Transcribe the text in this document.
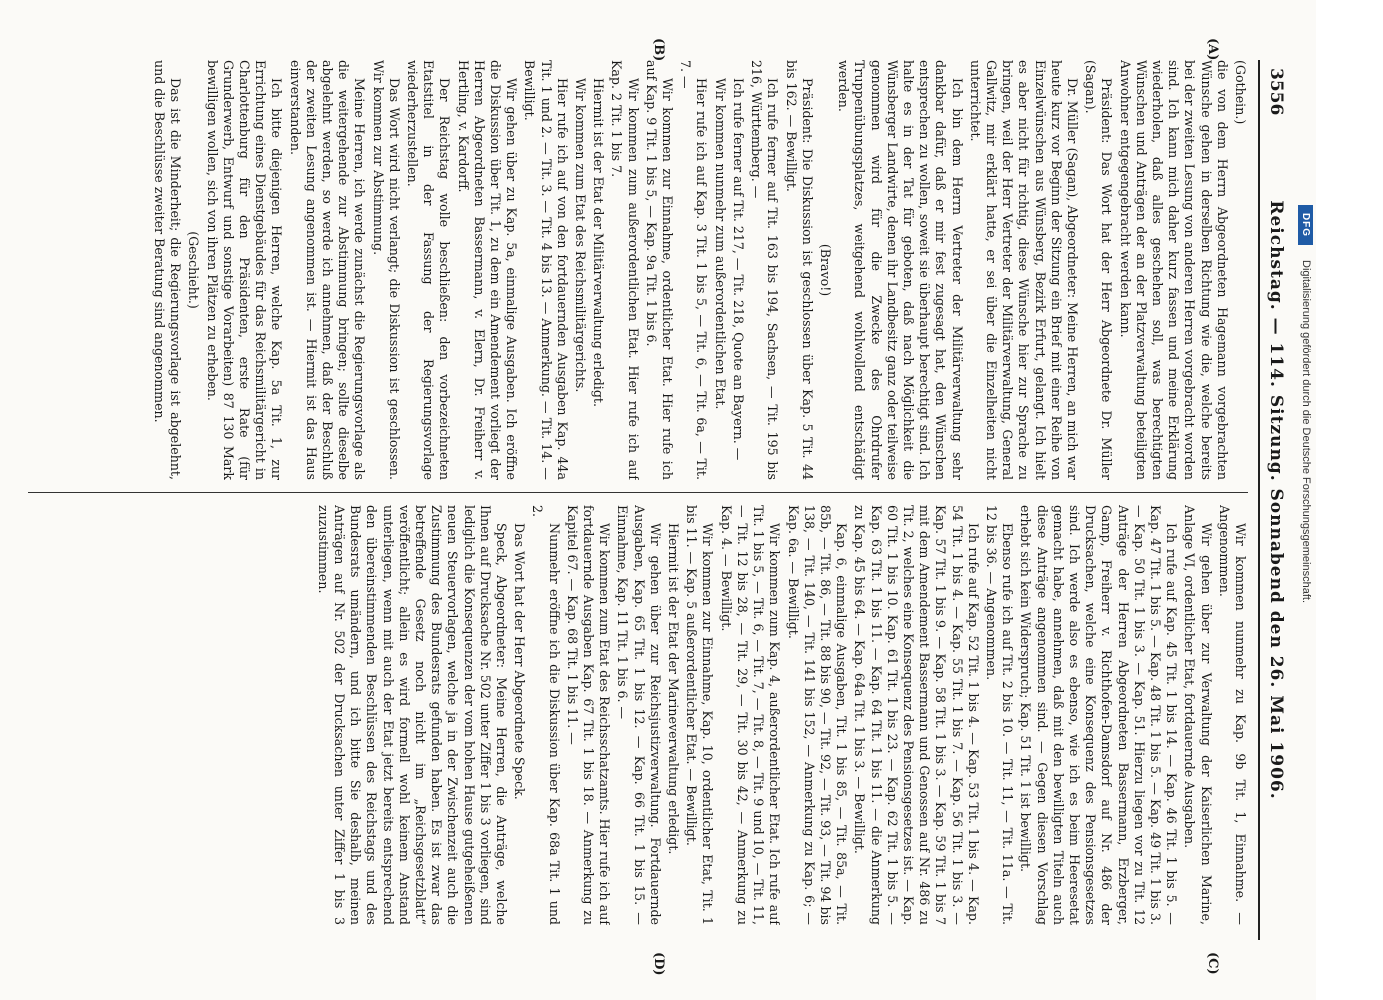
3556
Reichstag. — 114. Sitzung. Sonnabend den 26. Mai 1906.
(A)
(B)
(C)
(D)

(Gothein.)

die von dem Herrn Abgeordneten Hagemann vorgebrachten Wünsche gehen in derselben Richtung wie die, welche bereits bei der zweiten Lesung von anderen Herren vorgebracht worden sind. Ich kann mich daher kurz fassen und meine Erklärung wiederholen, daß alles geschehen soll, was berechtigten Wünschen und Anträgen der an der Platzverwaltung beteiligten Anwohner entgegengebracht werden kann.

Präsident: Das Wort hat der Herr Abgeordnete Dr. Müller (Sagan).

Dr. Müller (Sagan), Abgeordneter: Meine Herren, an mich war heute kurz vor Beginn der Sitzung ein Brief mit einer Reihe von Einzelwünschen aus Wünsberg, Bezirk Erfurt, gelangt. Ich hielt es aber nicht für richtig, diese Wünsche hier zur Sprache zu bringen, weil der Herr Vertreter der Militärverwaltung, General Gallwitz, mir erklärt hatte, er sei über die Einzelheiten nicht unterrichtet.

Ich bin dem Herrn Vertreter der Militärverwaltung sehr dankbar dafür, daß er mir fest zugesagt hat, den Wünschen entsprechen zu wollen, soweit sie überhaupt berechtigt sind. Ich halte es in der Tat für geboten, daß nach Möglichkeit die Wünsberger Landwirte, denen ihr Landbesitz ganz oder teilweise genommen wird für die Zwecke des Ohrdrufer Truppenübungsplatzes, weitgehend wohlwollend entschädigt werden.

(Bravo!)

Präsident: Die Diskussion ist geschlossen über Kap. 5 Tit. 44 bis 162. — Bewilligt.

Ich rufe ferner auf Tit. 163 bis 194, Sachsen, — Tit. 195 bis 216, Württemberg. —

Ich rufe ferner auf Tit. 217, — Tit. 218, Quote an Bayern. —

Wir kommen nunmehr zum außerordentlichen Etat.

Hier rufe ich auf Kap. 3 Tit. 1 bis 5, — Tit. 6, — Tit. 6a, — Tit. 7. —

Wir kommen zur Einnahme, ordentlicher Etat. Hier rufe ich auf Kap. 9 Tit. 1 bis 5, — Kap. 9a Tit. 1 bis 6.

Wir kommen zum außerordentlichen Etat. Hier rufe ich auf Kap. 2 Tit. 1 bis 7.

Hiermit ist der Etat der Militärverwaltung erledigt.

Wir kommen zum Etat des Reichsmilitärgerichts.

Hier rufe ich auf von den fortdauernden Ausgaben Kap. 44a Tit. 1 und 2. — Tit. 3. — Tit. 4 bis 13. — Anmerkung. — Tit. 14. — Bewilligt.

Wir gehen über zu Kap. 5a, einmalige Ausgaben. Ich eröffne die Diskussion über Tit. 1, zu dem ein Amendement vorliegt der Herren Abgeordneten Bassermann, v. Elern, Dr. Freiherr v. Hertling, v. Kardorff.

Der Reichstag wolle beschließen: den vorbezeichneten Etatstitel in der Fassung der Regierungsvorlage wiederherzustellen.

Das Wort wird nicht verlangt; die Diskussion ist geschlossen. Wir kommen zur Abstimmung.

Meine Herren, ich werde zunächst die Regierungsvorlage als die weitergehende zur Abstimmung bringen; sollte dieselbe abgelehnt werden, so werde ich annehmen, daß der Beschluß der zweiten Lesung angenommen ist. — Hiermit ist das Haus einverstanden.

Ich bitte diejenigen Herren, welche Kap. 5a Tit. 1, zur Errichtung eines Dienstgebäudes für das Reichsmilitärgericht in Charlottenburg für den Präsidenten, erste Rate (für Grunderwerb, Entwurf und sonstige Vorarbeiten) 87 130 Mark bewilligen wollen, sich von ihren Plätzen zu erheben.

(Geschieht.)

Das ist die Minderheit; die Regierungsvorlage ist abgelehnt, und die Beschlüsse zweiter Beratung sind angenommen.

Wir kommen nunmehr zu Kap. 9b Tit. 1, Einnahme. — Angenommen.

Wir gehen über zur Verwaltung der Kaiserlichen Marine, Anlage VI, ordentlicher Etat, fortdauernde Ausgaben.

Ich rufe auf Kap. 45 Tit. 1 bis 14. — Kap. 46 Tit. 1 bis 5. — Kap. 47 Tit. 1 bis 5. — Kap. 48 Tit. 1 bis 5. — Kap. 49 Tit. 1 bis 3. — Kap. 50 Tit. 1 bis 3. — Kap. 51. Hierzu liegen vor zu Tit. 12 Anträge der Herren Abgeordneten Bassermann, Erzberger, Gamp, Freiherr v. Richthofen-Damsdorf auf Nr. 486 der Drucksachen, welche eine Konsequenz des Pensionsgesetzes sind. Ich werde also es ebenso, wie ich es beim Heeresetat gemacht habe, annehmen, daß mit den bewilligten Titeln auch diese Anträge angenommen sind. — Gegen diesen Vorschlag erhebt sich kein Widerspruch; Kap. 51 Tit. 1 ist bewilligt.

Ebenso rufe ich auf Tit. 2 bis 10. — Tit. 11, — Tit. 11a. — Tit. 12 bis 36. — Angenommen.

Ich rufe auf Kap. 52 Tit. 1 bis 4. — Kap. 53 Tit. 1 bis 4. — Kap. 54 Tit. 1 bis 4. — Kap. 55 Tit. 1 bis 7. — Kap. 56 Tit. 1 bis 3. — Kap. 57 Tit. 1 bis 9. — Kap. 58 Tit. 1 bis 3. — Kap. 59 Tit. 1 bis 7 mit dem Amendement Bassermann und Genossen auf Nr. 486 zu Tit. 2, welches eine Konsequenz des Pensionsgesetzes ist. — Kap. 60 Tit. 1 bis 10. Kap. 61 Tit. 1 bis 23. — Kap. 62 Tit. 1 bis 5. — Kap. 63 Tit. 1 bis 11. — Kap. 64 Tit. 1 bis 11. — die Anmerkung zu Kap. 45 bis 64. — Kap. 64a Tit. 1 bis 3. — Bewilligt.

Kap. 6, einmalige Ausgaben, Tit. 1 bis 85, — Tit. 85a, — Tit. 85b, — Tit. 86, — Tit. 88 bis 90, — Tit. 92, — Tit. 93, — Tit. 94 bis 138, — Tit. 140, — Tit. 141 bis 152, — Anmerkung zu Kap. 6; — Kap. 6a. — Bewilligt.

Wir kommen zum Kap. 4, außerordentlicher Etat. Ich rufe auf Tit. 1 bis 5, — Tit. 6, — Tit. 7, — Tit. 8, — Tit. 9 und 10, — Tit. 11, — Tit. 12 bis 28, — Tit. 29, — Tit. 30 bis 42, — Anmerkung zu Kap. 4. — Bewilligt.

Wir kommen zur Einnahme, Kap. 10, ordentlicher Etat, Tit. 1 bis 11. — Kap. 5 außerordentlicher Etat. — Bewilligt.

Hiermit ist der Etat der Marineverwaltung erledigt.

Wir gehen über zur Reichsjustizverwaltung. Fortdauernde Ausgaben, Kap. 65 Tit. 1 bis 12. — Kap. 66 Tit. 1 bis 15. — Einnahme, Kap. 11 Tit. 1 bis 6. —

Wir kommen zum Etat des Reichsschatzamts. Hier rufe ich auf fortdauernde Ausgaben Kap. 67 Tit. 1 bis 18. — Anmerkung zu Kapitel 67. — Kap. 68 Tit. 1 bis 11. —

Nunmehr eröffne ich die Diskussion über Kap. 68a Tit. 1 und 2.

Das Wort hat der Herr Abgeordnete Speck.

Speck, Abgeordneter: Meine Herren, die Anträge, welche Ihnen auf Drucksache Nr. 502 unter Ziffer 1 bis 3 vorliegen, sind lediglich die Konsequenzen der vom hohen Hause gutgeheißenen neuen Steuervorlagen, welche ja in der Zwischenzeit auch die Zustimmung des Bundesrats gefunden haben. Es ist zwar das betreffende Gesetz noch nicht im „Reichsgesetzblatt“ veröffentlicht; allein es wird formell wohl keinem Anstand unterliegen, wenn mit auch der Etat jetzt bereits entsprechend den übereinstimmenden Beschlüssen des Reichstags und des Bundesrats umändern, und ich bitte Sie deshalb, meinen Anträgen auf Nr. 502 der Drucksachen unter Ziffer 1 bis 3 zuzustimmen.

DFG
Digitalisierung gefördert durch die Deutsche Forschungsgemeinschaft.
